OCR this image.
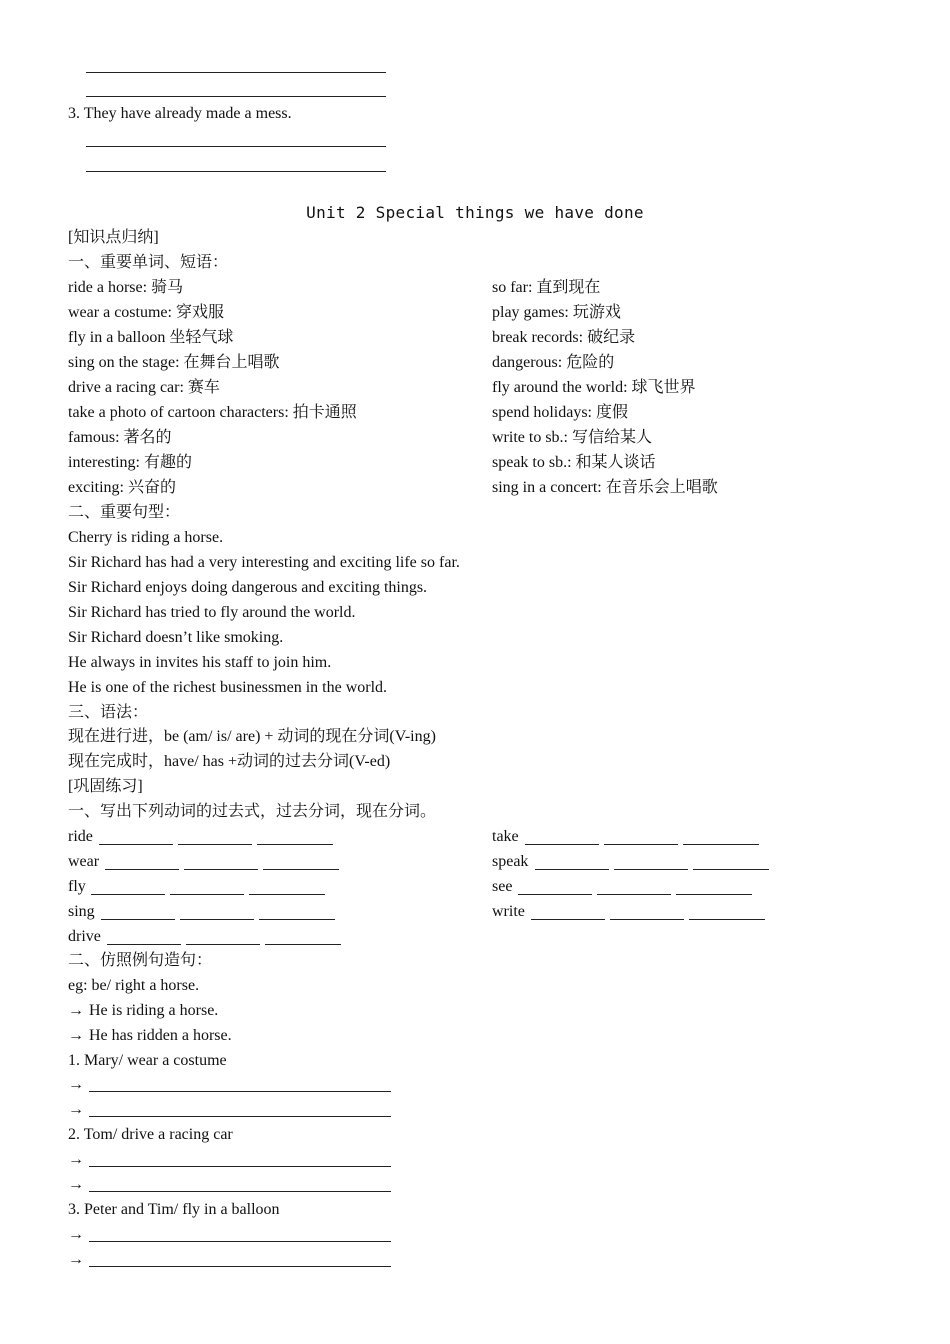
3. They have already made a mess.
Unit 2 Special things we have done
[知识点归纳]
一、重要单词、短语：
ride a horse: 骑马
wear a costume: 穿戏服
fly in a balloon 坐轻气球
sing on the stage: 在舞台上唱歌
drive a racing car: 赛车
take a photo of cartoon characters: 拍卡通照
famous: 著名的
interesting: 有趣的
exciting: 兴奋的
so far: 直到现在
play games: 玩游戏
break records: 破纪录
dangerous: 危险的
fly around the world: 球飞世界
spend holidays: 度假
write to sb.: 写信给某人
speak to sb.: 和某人谈话
sing in a concert: 在音乐会上唱歌
二、重要句型：
Cherry is riding a horse.
Sir Richard has had a very interesting and exciting life so far.
Sir Richard enjoys doing dangerous and exciting things.
Sir Richard has tried to fly around the world.
Sir Richard doesn’t like smoking.
He always in invites his staff to join him.
He is one of the richest businessmen in the world.
三、语法：
现在进行进，be (am/ is/ are) + 动词的现在分词(V-ing)
现在完成时，have/ has +动词的过去分词(V-ed)
[巩固练习]
一、写出下列动词的过去式，过去分词，现在分词。
ride
wear
fly
sing
drive
take
speak
see
write
二、仿照例句造句：
eg: be/ right a horse.
→ He is riding a horse.
→ He has ridden a horse.
1. Mary/ wear a costume
→
→
2. Tom/ drive a racing car
→
→
3. Peter and Tim/ fly in a balloon
→
→
